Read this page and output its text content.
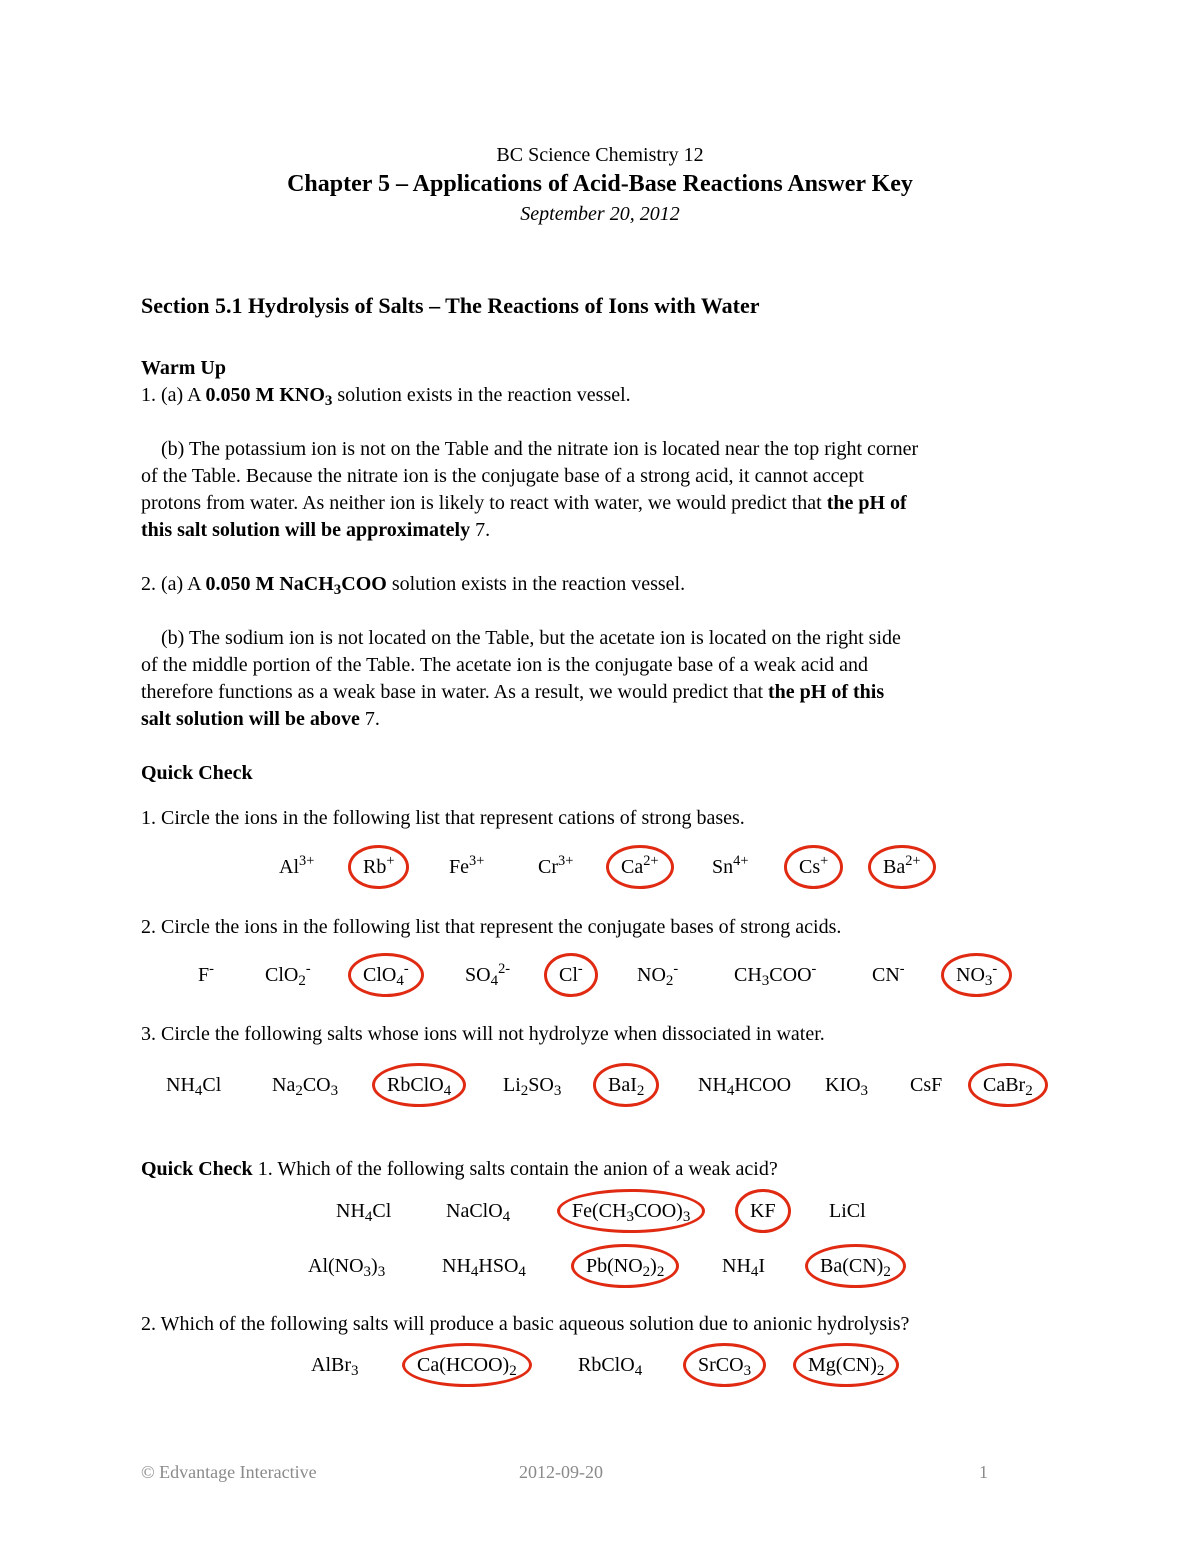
BC Science Chemistry 12
Chapter 5 – Applications of Acid-Base Reactions Answer Key
September 20, 2012
Section 5.1 Hydrolysis of Salts – The Reactions of Ions with Water
Warm Up
1. (a) A 0.050 M $KNO_3$ solution exists in the reaction vessel.
(b) The potassium ion is not on the Table and the nitrate ion is located near the top right corner
of the Table. Because the nitrate ion is the conjugate base of a strong acid, it cannot accept
protons from water. As neither ion is likely to react with water, we would predict that the pH of
this salt solution will be approximately 7.
2. (a) A 0.050 M NaCH$_3$COO solution exists in the reaction vessel.
(b) The sodium ion is not located on the Table, but the acetate ion is located on the right side
of the middle portion of the Table. The acetate ion is the conjugate base of a weak acid and
therefore functions as a weak base in water. As a result, we would predict that the pH of this
salt solution will be above 7.
Quick Check
1. Circle the ions in the following list that represent cations of strong bases.
$Al^{3+}$	Rb+	$Fe^{3+}$	$Cr^{3+}$	$Ca^{2+}$	$Sn^{4+}$	Cs+	$Ba^{2+}$
2. Circle the ions in the following list that represent the conjugate bases of strong acids.
F-	ClO$_2$-	ClO$_4$-	$SO_4^{2-}$	Cl-	$NO_2^-$	$CH_3COO^-$	CN-	$NO_3^-$
3. Circle the following salts whose ions will not hydrolyze when dissociated in water.
$NH_4Cl$	$Na_2CO_3$	RbClO$_4$	$Li_2SO_3$	BaI$_2$	$NH_4HCOO$ $KIO_3$ CsF	CaBr$_2$
Quick Check 1. Which of the following salts contain the anion of a weak acid?
$NH_4Cl$	NaClO$_4$	$Fe(CH_3COO)_3$	KF	LiCl
$Al(NO_3)_3$	$NH_4HSO_4$	$Pb(NO_2)_2$	$NH_4I$	$Ba(CN)_2$
2. Which of the following salts will produce a basic aqueous solution due to anionic hydrolysis?
AlBr$_3$	$Ca(HCOO)_2$	RbClO$_4$	SrCO$_3$	$Mg(CN)_2$
© Edvantage Interactive	2012-09-20	1
